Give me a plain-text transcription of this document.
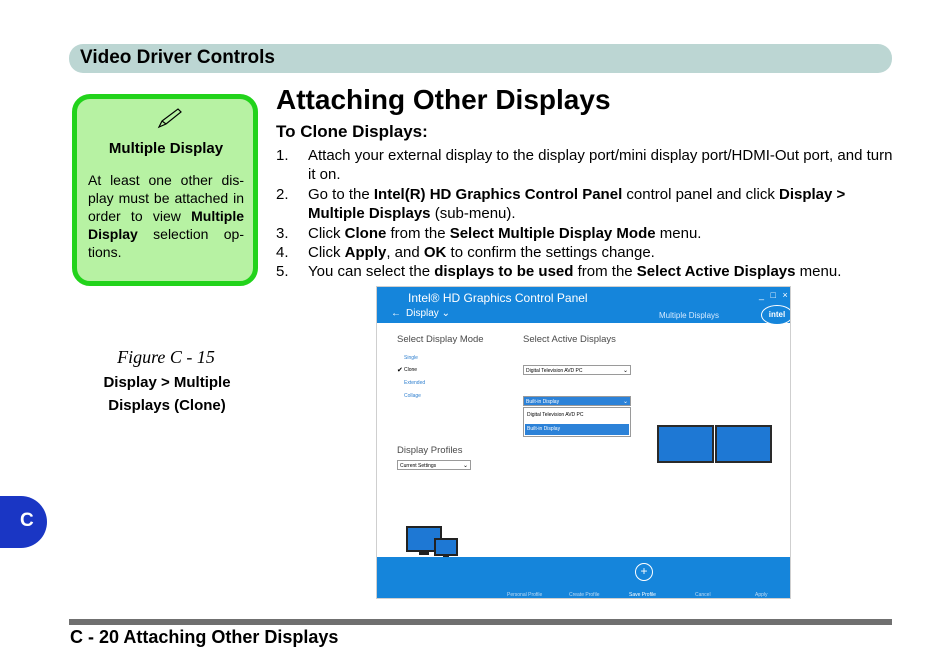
Video Driver Controls
Multiple Display
At least one other dis-play must be attached in order to view Multiple Display selection op-tions.
Figure C - 15
Display > Multiple
Displays (Clone)
C
Attaching Other Displays
To Clone Displays:
1. Attach your external display to the display port/mini display port/HDMI-Out port, and turn it on.
2. Go to the Intel(R) HD Graphics Control Panel control panel and click Display > Multiple Displays (sub-menu).
3. Click Clone from the Select Multiple Display Mode menu.
4. Click Apply, and OK to confirm the settings change.
5. You can select the displays to be used from the Select Active Displays menu.
Intel® HD Graphics Control Panel	_ □ ×
← Display ⌄	Multiple Displays	intel
Select Display Mode
Single
✔ Clone
Extended
Collage
Select Active Displays
Digital Television AVD PC	⌄
Built-in Display	⌄
Digital Television AVD PC
Built-in Display
Display Profiles
Current Settings	⌄
+
Personal Profile	Create Profile	Save Profile	Cancel	Apply
C - 20 Attaching Other Displays
